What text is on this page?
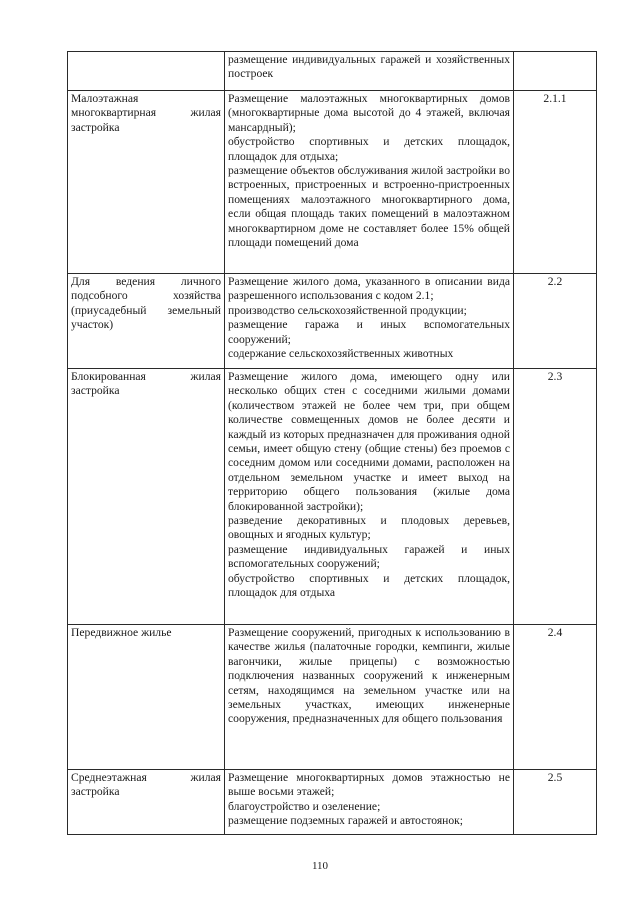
	размещение индивидуальных гаражей и хозяйственных построек	

Малоэтажная многоквартирная жилая застройка	Размещение малоэтажных многоквартирных домов (многоквартирные дома высотой до 4 этажей, включая мансардный);
обустройство спортивных и детских площадок, площадок для отдыха;
размещение объектов обслуживания жилой застройки во встроенных, пристроенных и встроенно-пристроенных помещениях малоэтажного многоквартирного дома, если общая площадь таких помещений в малоэтажном многоквартирном доме не составляет более 15% общей площади помещений дома	2.1.1
Для ведения личного подсобного хозяйства (приусадебный земельный участок)	Размещение жилого дома, указанного в описании вида разрешенного использования с кодом 2.1;
производство сельскохозяйственной продукции;
размещение гаража и иных вспомогательных сооружений;
содержание сельскохозяйственных животных	2.2
Блокированная жилая застройка	Размещение жилого дома, имеющего одну или несколько общих стен с соседними жилыми домами (количеством этажей не более чем три, при общем количестве совмещенных домов не более десяти и каждый из которых предназначен для проживания одной семьи, имеет общую стену (общие стены) без проемов с соседним домом или соседними домами, расположен на отдельном земельном участке и имеет выход на территорию общего пользования (жилые дома блокированной застройки);
разведение декоративных и плодовых деревьев, овощных и ягодных культур;
размещение индивидуальных гаражей и иных вспомогательных сооружений;
обустройство спортивных и детских площадок, площадок для отдыха	2.3
Передвижное жилье	Размещение сооружений, пригодных к использованию в качестве жилья (палаточные городки, кемпинги, жилые вагончики, жилые прицепы) с возможностью подключения названных сооружений к инженерным сетям, находящимся на земельном участке или на земельных участках, имеющих инженерные сооружения, предназначенных для общего пользования	2.4
Среднеэтажная жилая застройка	Размещение многоквартирных домов этажностью не выше восьми этажей;
благоустройство и озеленение;
размещение подземных гаражей и автостоянок;	2.5
110
